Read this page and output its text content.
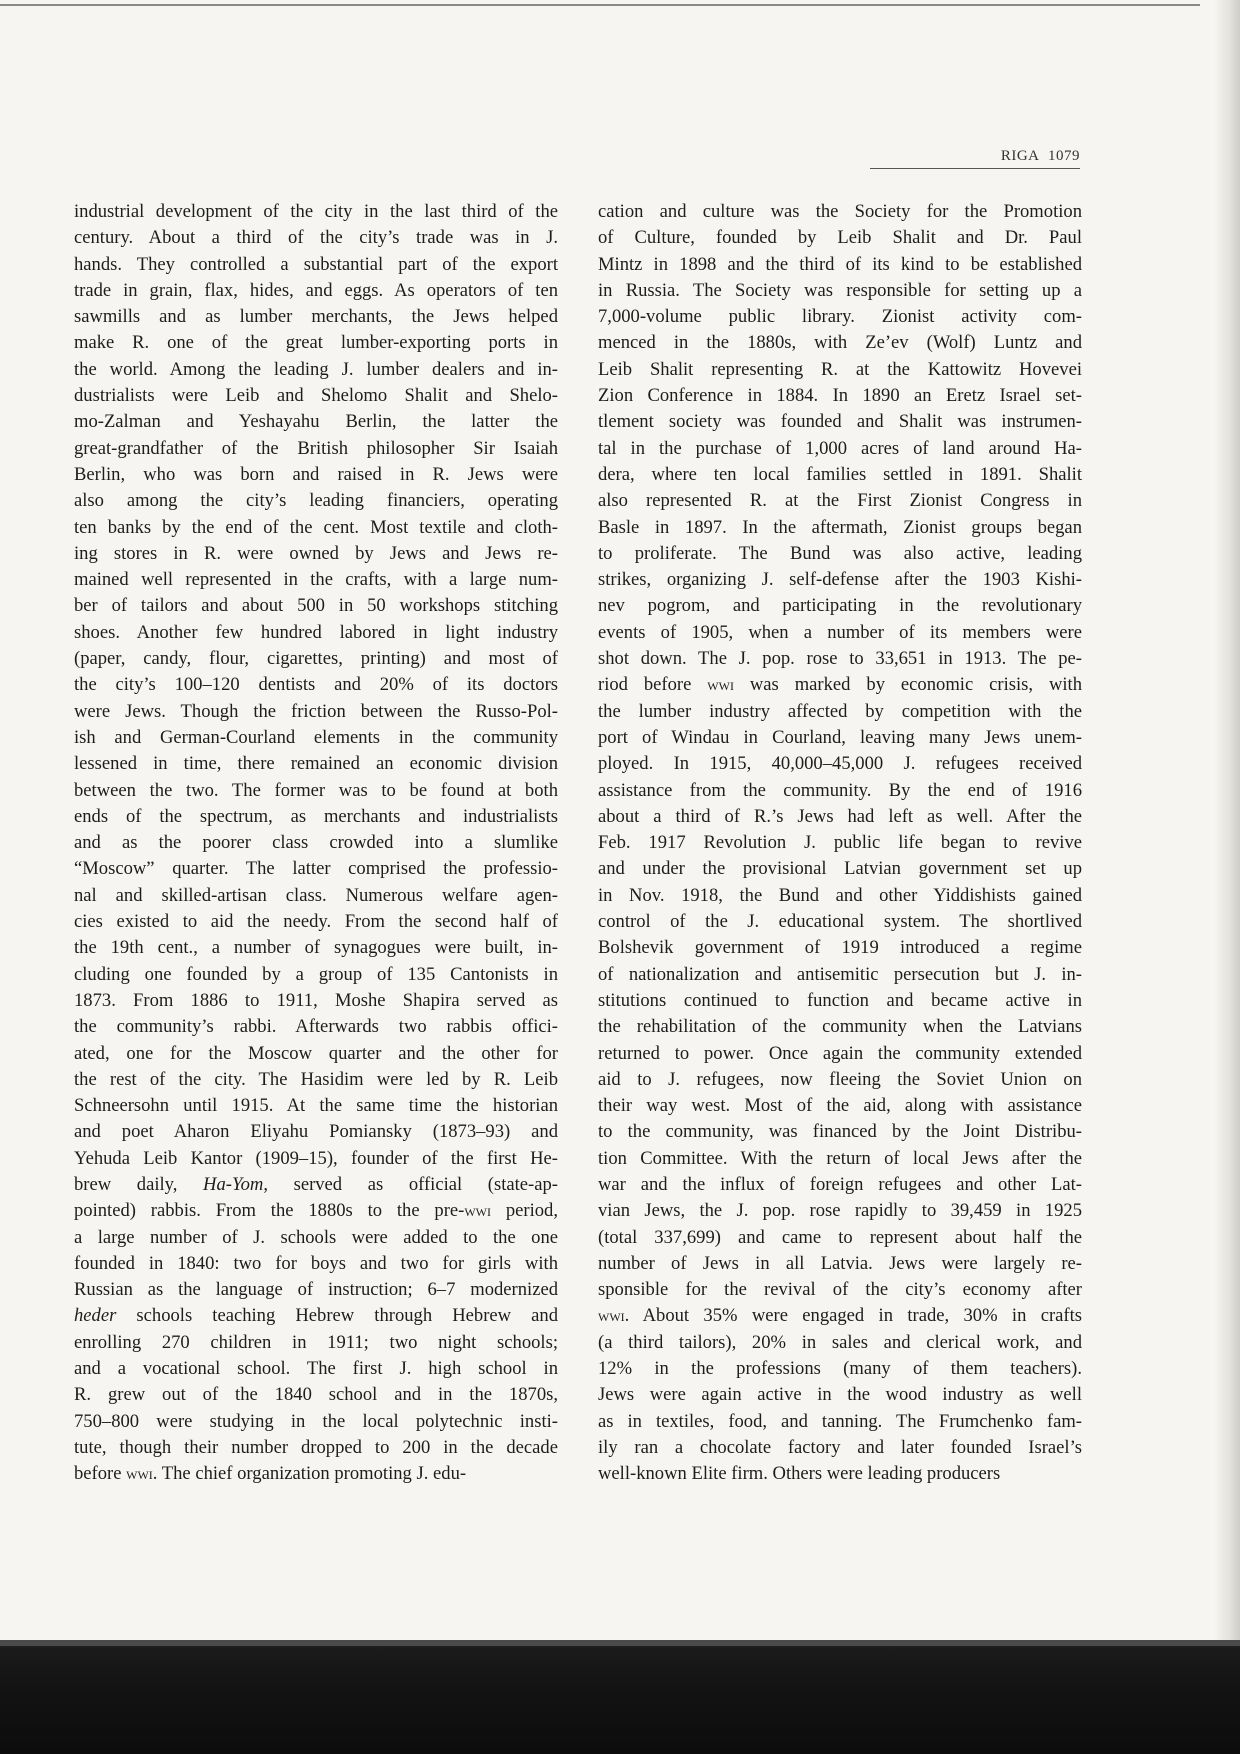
RIGA 1079
industrial development of the city in the last third of the
century. About a third of the city’s trade was in J.
hands. They controlled a substantial part of the export
trade in grain, flax, hides, and eggs. As operators of ten
sawmills and as lumber merchants, the Jews helped
make R. one of the great lumber-exporting ports in
the world. Among the leading J. lumber dealers and in-
dustrialists were Leib and Shelomo Shalit and Shelo-
mo-Zalman and Yeshayahu Berlin, the latter the
great-grandfather of the British philosopher Sir Isaiah
Berlin, who was born and raised in R. Jews were
also among the city’s leading financiers, operating
ten banks by the end of the cent. Most textile and cloth-
ing stores in R. were owned by Jews and Jews re-
mained well represented in the crafts, with a large num-
ber of tailors and about 500 in 50 workshops stitching
shoes. Another few hundred labored in light industry
(paper, candy, flour, cigarettes, printing) and most of
the city’s 100–120 dentists and 20% of its doctors
were Jews. Though the friction between the Russo-Pol-
ish and German-Courland elements in the community
lessened in time, there remained an economic division
between the two. The former was to be found at both
ends of the spectrum, as merchants and industrialists
and as the poorer class crowded into a slumlike
“Moscow” quarter. The latter comprised the professio-
nal and skilled-artisan class. Numerous welfare agen-
cies existed to aid the needy. From the second half of
the 19th cent., a number of synagogues were built, in-
cluding one founded by a group of 135 Cantonists in
1873. From 1886 to 1911, Moshe Shapira served as
the community’s rabbi. Afterwards two rabbis offici-
ated, one for the Moscow quarter and the other for
the rest of the city. The Hasidim were led by R. Leib
Schneersohn until 1915. At the same time the historian
and poet Aharon Eliyahu Pomiansky (1873–93) and
Yehuda Leib Kantor (1909–15), founder of the first He-
brew daily, Ha-Yom, served as official (state-ap-
pointed) rabbis. From the 1880s to the pre-wwi period,
a large number of J. schools were added to the one
founded in 1840: two for boys and two for girls with
Russian as the language of instruction; 6–7 modernized
heder schools teaching Hebrew through Hebrew and
enrolling 270 children in 1911; two night schools;
and a vocational school. The first J. high school in
R. grew out of the 1840 school and in the 1870s,
750–800 were studying in the local polytechnic insti-
tute, though their number dropped to 200 in the decade
before wwi. The chief organization promoting J. edu-
cation and culture was the Society for the Promotion
of Culture, founded by Leib Shalit and Dr. Paul
Mintz in 1898 and the third of its kind to be established
in Russia. The Society was responsible for setting up a
7,000-volume public library. Zionist activity com-
menced in the 1880s, with Ze’ev (Wolf) Luntz and
Leib Shalit representing R. at the Kattowitz Hovevei
Zion Conference in 1884. In 1890 an Eretz Israel set-
tlement society was founded and Shalit was instrumen-
tal in the purchase of 1,000 acres of land around Ha-
dera, where ten local families settled in 1891. Shalit
also represented R. at the First Zionist Congress in
Basle in 1897. In the aftermath, Zionist groups began
to proliferate. The Bund was also active, leading
strikes, organizing J. self-defense after the 1903 Kishi-
nev pogrom, and participating in the revolutionary
events of 1905, when a number of its members were
shot down. The J. pop. rose to 33,651 in 1913. The pe-
riod before wwi was marked by economic crisis, with
the lumber industry affected by competition with the
port of Windau in Courland, leaving many Jews unem-
ployed. In 1915, 40,000–45,000 J. refugees received
assistance from the community. By the end of 1916
about a third of R.’s Jews had left as well. After the
Feb. 1917 Revolution J. public life began to revive
and under the provisional Latvian government set up
in Nov. 1918, the Bund and other Yiddishists gained
control of the J. educational system. The shortlived
Bolshevik government of 1919 introduced a regime
of nationalization and antisemitic persecution but J. in-
stitutions continued to function and became active in
the rehabilitation of the community when the Latvians
returned to power. Once again the community extended
aid to J. refugees, now fleeing the Soviet Union on
their way west. Most of the aid, along with assistance
to the community, was financed by the Joint Distribu-
tion Committee. With the return of local Jews after the
war and the influx of foreign refugees and other Lat-
vian Jews, the J. pop. rose rapidly to 39,459 in 1925
(total 337,699) and came to represent about half the
number of Jews in all Latvia. Jews were largely re-
sponsible for the revival of the city’s economy after
wwi. About 35% were engaged in trade, 30% in crafts
(a third tailors), 20% in sales and clerical work, and
12% in the professions (many of them teachers).
Jews were again active in the wood industry as well
as in textiles, food, and tanning. The Frumchenko fam-
ily ran a chocolate factory and later founded Israel’s
well-known Elite firm. Others were leading producers
